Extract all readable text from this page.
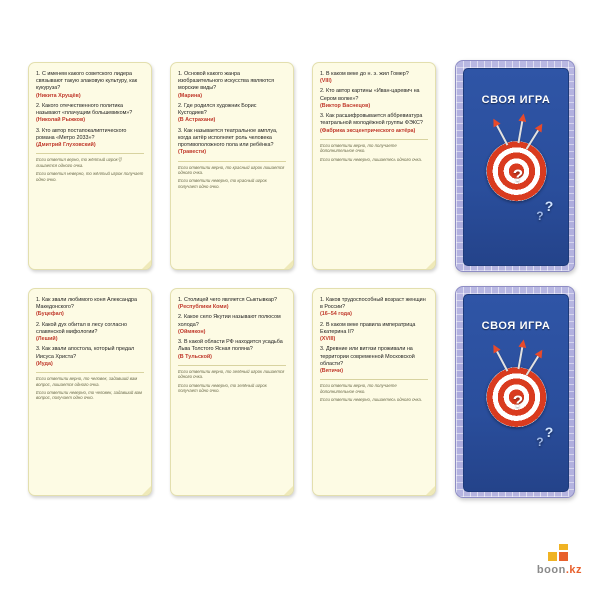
1. С именем какого советского лидера связывают такую злаковую культуру, как кукуруза?
(Никита Хрущёв)
2. Какого отечественного политика называют «плачущим большевиком»?
(Николай Рыжков)
3. Кто автор постапокалиптического романа «Метро 2033»?
(Дмитрий Глуховский)

Если ответил верно, то жёлтый игрок림 лишается одного очка.

Если ответил неверно, то жёлтый игрок получает одно очко.

1. Основой какого жанра изобразительного искусства являются морские виды?
(Марина)
2. Где родился художник Борис Кустодиев?
(В Астрахани)
3. Как называется театральное амплуа, когда актёр исполняет роль человека противоположного пола или ребёнка?
(Травести)

Если ответили верно, то красный игрок лишается одного очка.

Если ответили неверно, то красный игрок получает одно очко.

1. В каком веке до н. э. жил Гомер?
(VIII)
2. Кто автор картины «Иван-царевич на Сером волке»?
(Виктор Васнецов)
3. Как расшифровывается аббревиатура театральной молодёжной группы ФЭКС?
(Фабрика эксцентрического актёра)

Если ответили верно, то получаете дополнительное очко.

Если ответили неверно, лишаетесь одного очка.

СВОЯ ИГРА
?
?
?
1. Как звали любимого коня Александра Македонского?
(Буцефал)
2. Какой дух обитал в лесу согласно славянской мифологии?
(Леший)
3. Как звали апостола, который предал Иисуса Христа?
(Иуда)

Если ответили верно, то человек, задавший вам вопрос, лишается одного очка.

Если ответили неверно, то человек, задавший вам вопрос, получает одно очко.

1. Столицей чего является Сыктывкар?
(Республики Коми)
2. Какое село Якутии называют полюсом холода?
(Оймякон)
3. В какой области РФ находится усадьба Льва Толстого Ясная поляна?
(В Тульской)

Если ответили верно, то зелёный игрок лишается одного очка.

Если ответили неверно, то зелёный игрок получает одно очко.

1. Каков трудоспособный возраст женщин в России?
(16–54 года)
2. В каком веке правила императрица Екатерина II?
(XVIII)
3. Древние или витязи проживали на территории современной Московской области?
(Вятичи)

Если ответили верно, то получаете дополнительное очко.

Если ответили неверно, лишаетесь одного очка.

СВОЯ ИГРА
?
?
?
boon.kz
